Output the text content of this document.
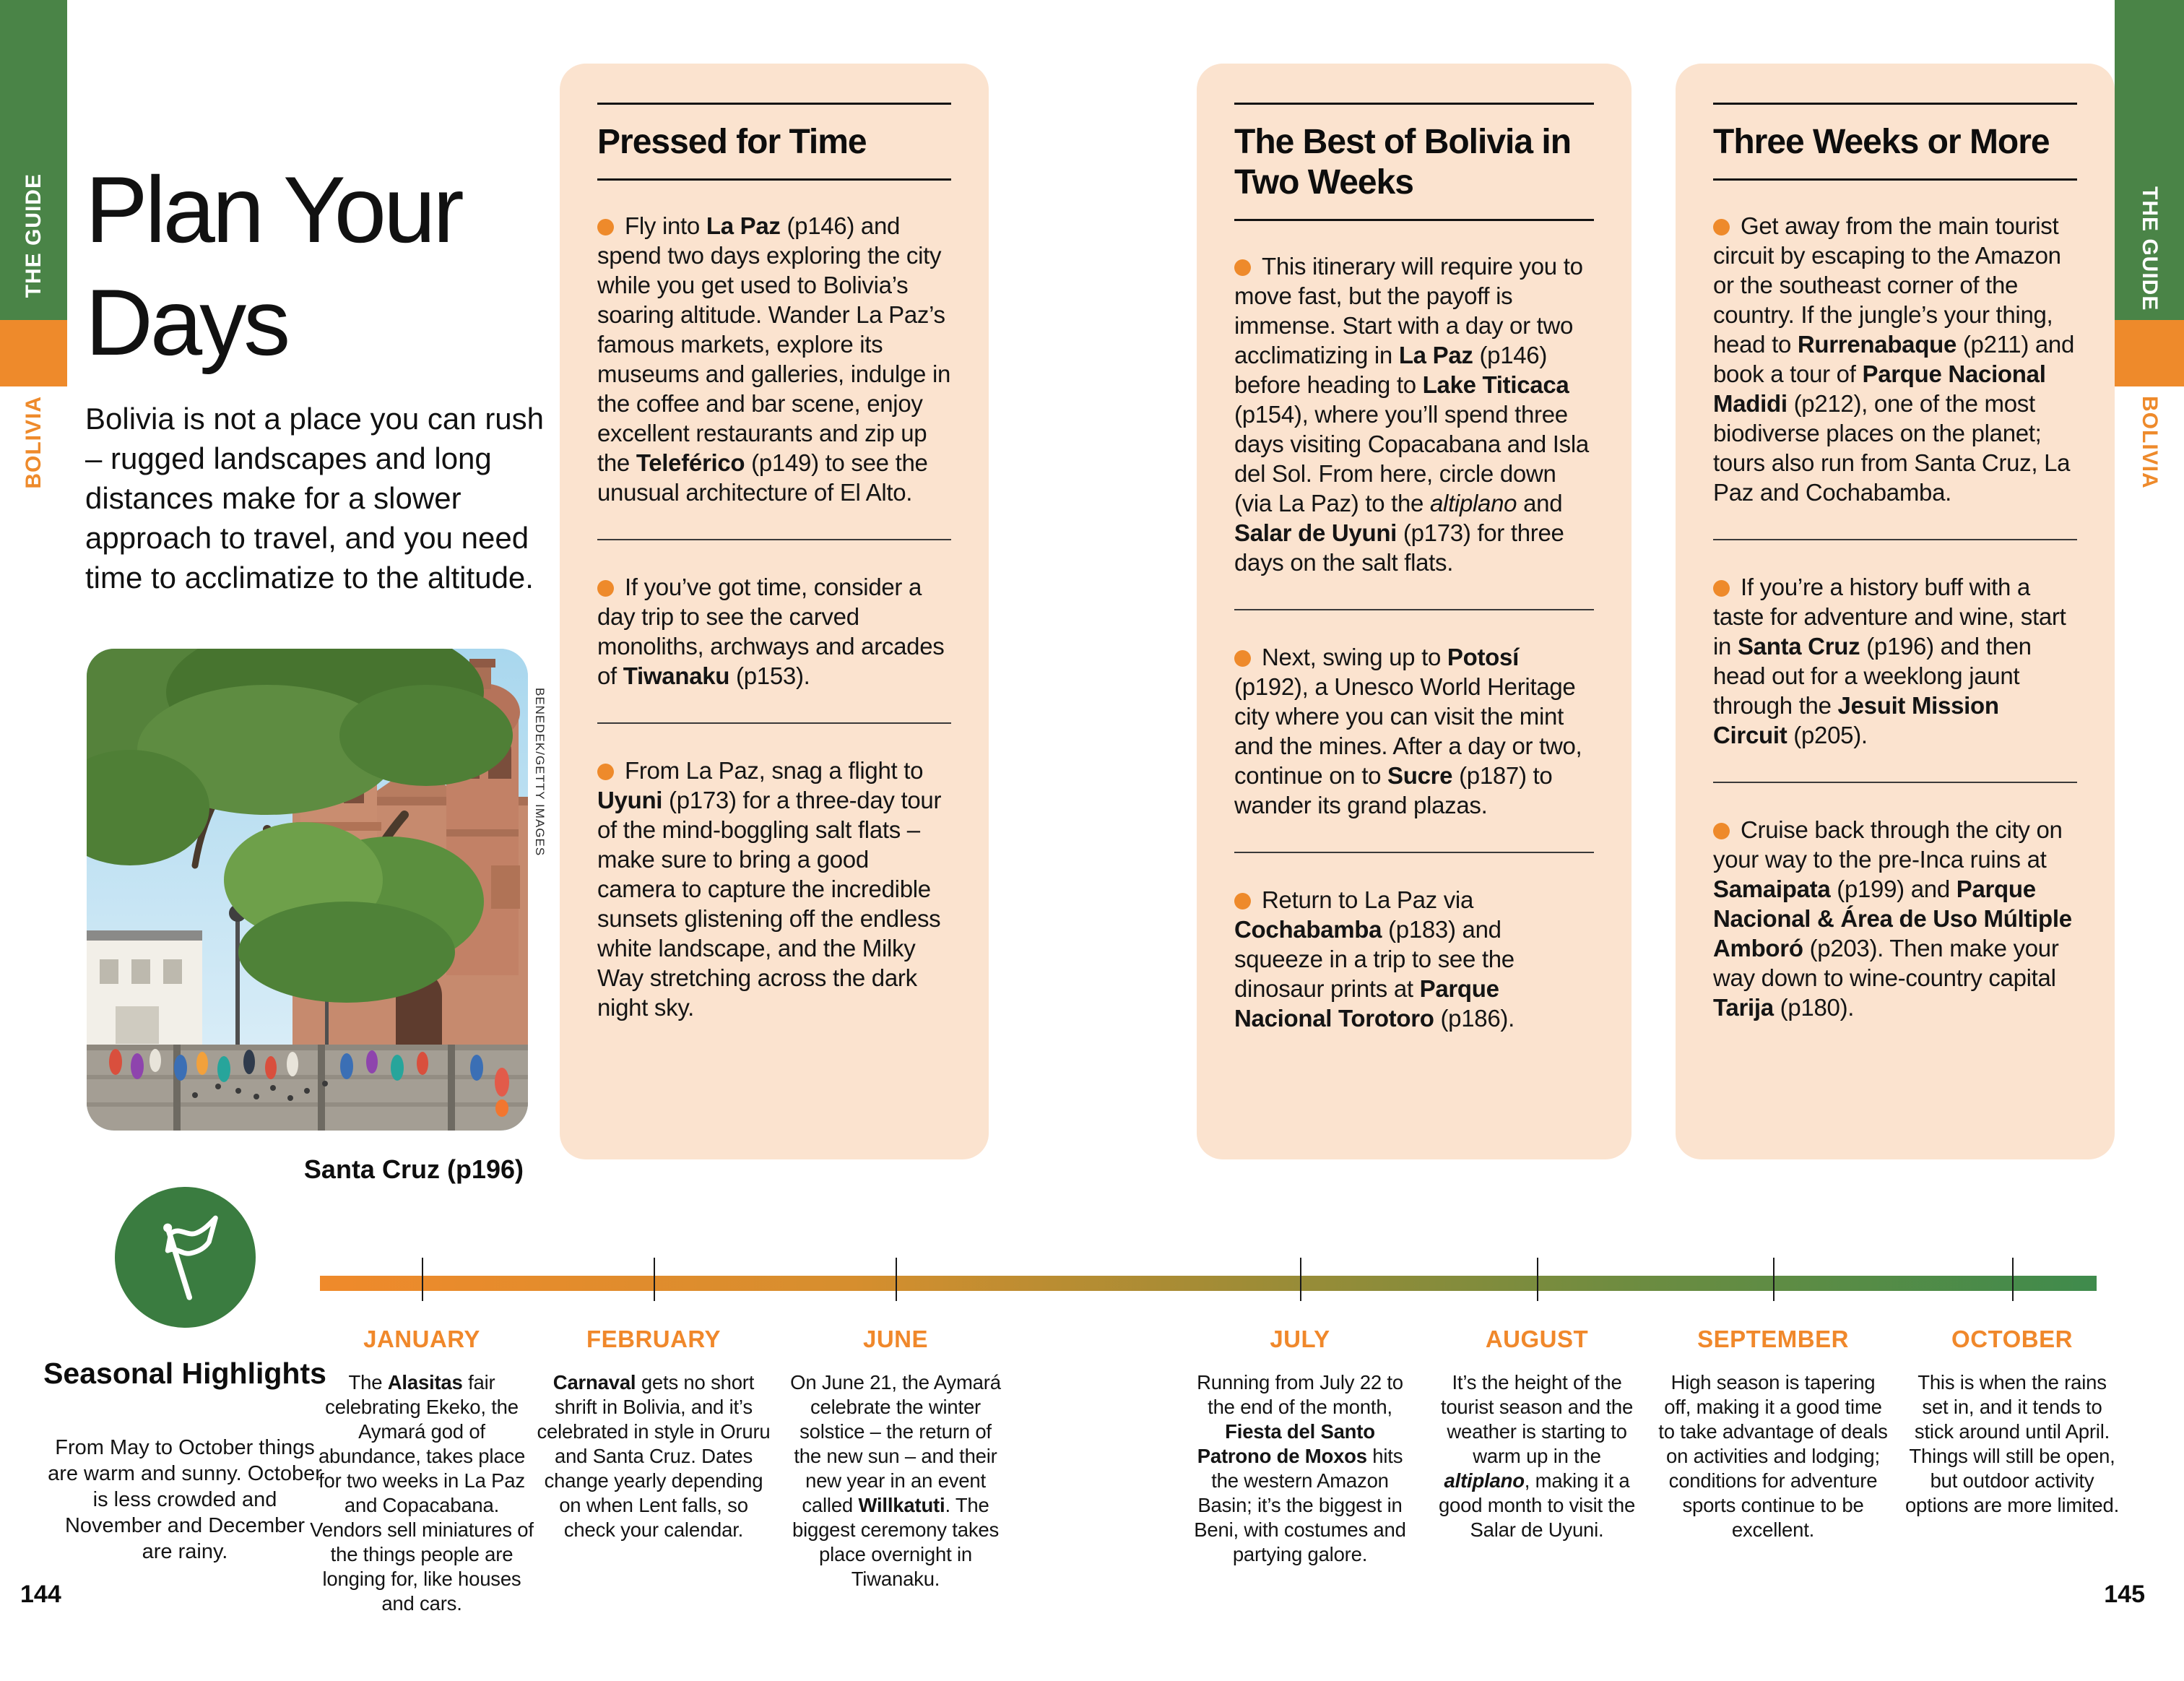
THE GUIDE
BOLIVIA
THE GUIDE
BOLIVIA
Plan Your
Days
Bolivia is not a place you can rush – rugged landscapes and long distances make for a slower approach to travel, and you need time to acclimatize to the altitude.
BENEDEK/GETTY IMAGES
Santa Cruz (p196)
Pressed for Time

Fly into La Paz (p146) and spend two days exploring the city while you get used to Bolivia’s soaring altitude. Wander La Paz’s famous markets, explore its museums and galleries, indulge in the coffee and bar scene, enjoy excellent restaurants and zip up the Teleférico (p149) to see the unusual architecture of El Alto.

If you’ve got time, consider a day trip to see the carved monoliths, archways and arcades of Tiwanaku (p153).

From La Paz, snag a flight to Uyuni (p173) for a three-day tour of the mind-boggling salt flats – make sure to bring a good camera to capture the incredible sunsets glistening off the endless white landscape, and the Milky Way stretching across the dark night sky.

The Best of Bolivia in Two Weeks

This itinerary will require you to move fast, but the payoff is immense. Start with a day or two acclimatizing in La Paz (p146) before heading to Lake Titicaca (p154), where you’ll spend three days visiting Copacabana and Isla del Sol. From here, circle down (via La Paz) to the altiplano and Salar de Uyuni (p173) for three days on the salt flats.

Next, swing up to Potosí (p192), a Unesco World Heritage city where you can visit the mint and the mines. After a day or two, continue on to Sucre (p187) to wander its grand plazas.

Return to La Paz via Cochabamba (p183) and squeeze in a trip to see the dinosaur prints at Parque Nacional Torotoro (p186).

Three Weeks or More

Get away from the main tourist circuit by escaping to the Amazon or the southeast corner of the country. If the jungle’s your thing, head to Rurrenabaque (p211) and book a tour of Parque Nacional Madidi (p212), one of the most biodiverse places on the planet; tours also run from Santa Cruz, La Paz and Cochabamba.

If you’re a history buff with a taste for adventure and wine, start in Santa Cruz (p196) and then head out for a weeklong jaunt through the Jesuit Mission Circuit (p205).

Cruise back through the city on your way to the pre-Inca ruins at Samaipata (p199) and Parque Nacional & Área de Uso Múltiple Amboró (p203). Then make your way down to wine-country capital Tarija (p180).

Seasonal Highlights
From May to October things are warm and sunny. October is less crowded and November and December are rainy.
JANUARY
The Alasitas fair celebrating Ekeko, the Aymará god of abundance, takes place for two weeks in La Paz and Copacabana. Vendors sell miniatures of the things people are longing for, like houses and cars.
FEBRUARY
Carnaval gets no short shrift in Bolivia, and it’s celebrated in style in Oruru and Santa Cruz. Dates change yearly depending on when Lent falls, so check your calendar.
JUNE
On June 21, the Aymará celebrate the winter solstice – the return of the new sun – and their new year in an event called Willkatuti. The biggest ceremony takes place overnight in Tiwanaku.
JULY
Running from July 22 to the end of the month, Fiesta del Santo Patrono de Moxos hits the western Amazon Basin; it’s the biggest in Beni, with costumes and partying galore.
AUGUST
It’s the height of the tourist season and the weather is starting to warm up in the altiplano, making it a good month to visit the Salar de Uyuni.
SEPTEMBER
High season is tapering off, making it a good time to take advantage of deals on activities and lodging; conditions for adventure sports continue to be excellent.
OCTOBER
This is when the rains set in, and it tends to stick around until April. Things will still be open, but outdoor activity options are more limited.
144	145
